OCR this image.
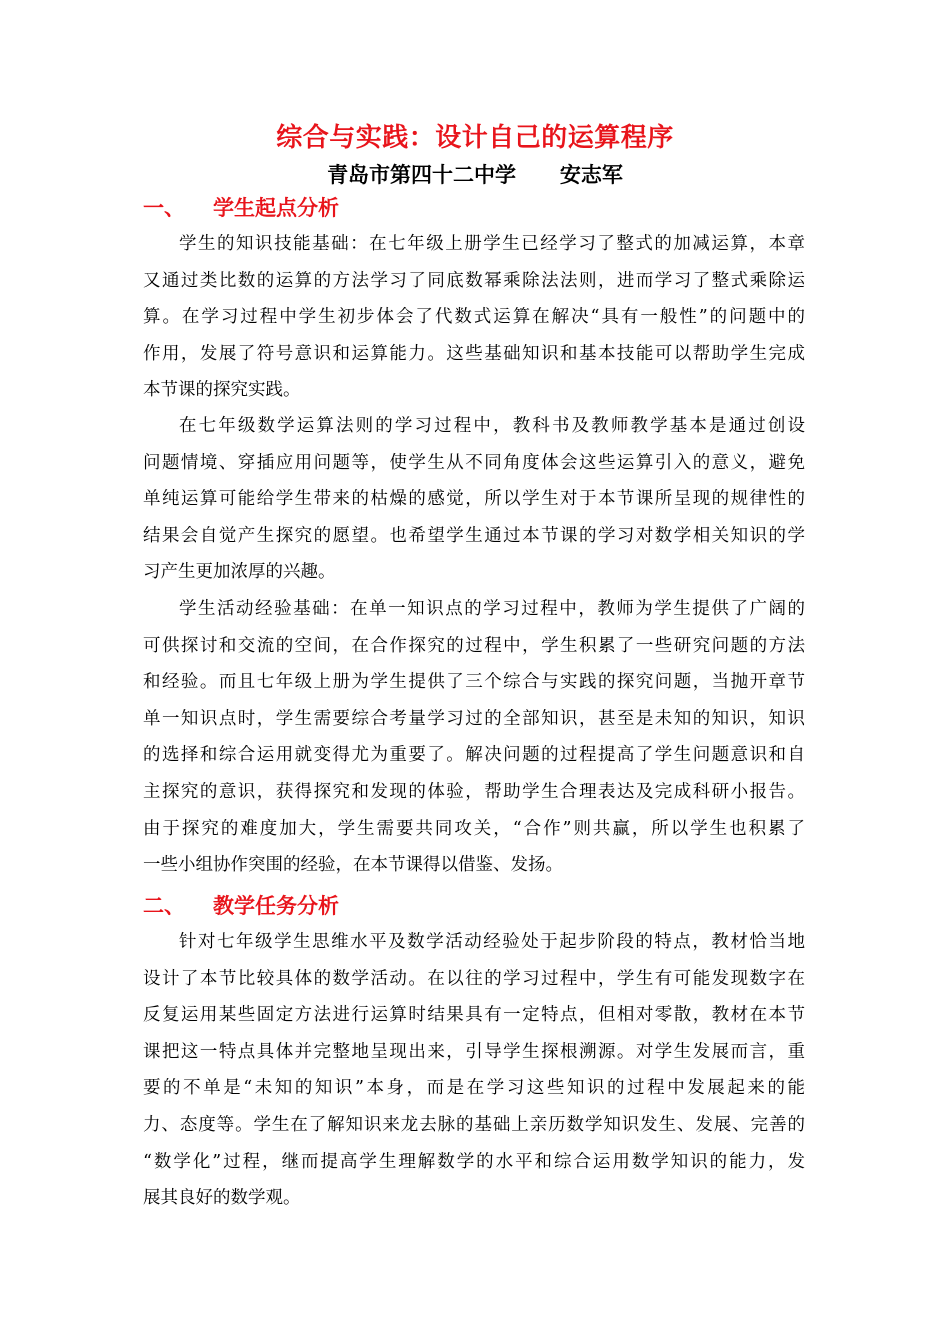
综合与实践：设计自己的运算程序
青岛市第四十二中学      安志军
一、 学生起点分析
学生的知识技能基础：在七年级上册学生已经学习了整式的加减运算，本章
又通过类比数的运算的方法学习了同底数幂乘除法法则，进而学习了整式乘除运
算。在学习过程中学生初步体会了代数式运算在解决“具有一般性”的问题中的
作用，发展了符号意识和运算能力。这些基础知识和基本技能可以帮助学生完成
本节课的探究实践。
在七年级数学运算法则的学习过程中，教科书及教师教学基本是通过创设
问题情境、穿插应用问题等，使学生从不同角度体会这些运算引入的意义，避免
单纯运算可能给学生带来的枯燥的感觉，所以学生对于本节课所呈现的规律性的
结果会自觉产生探究的愿望。也希望学生通过本节课的学习对数学相关知识的学
习产生更加浓厚的兴趣。
学生活动经验基础：在单一知识点的学习过程中，教师为学生提供了广阔的
可供探讨和交流的空间，在合作探究的过程中，学生积累了一些研究问题的方法
和经验。而且七年级上册为学生提供了三个综合与实践的探究问题，当抛开章节
单一知识点时，学生需要综合考量学习过的全部知识，甚至是未知的知识，知识
的选择和综合运用就变得尤为重要了。解决问题的过程提高了学生问题意识和自
主探究的意识，获得探究和发现的体验，帮助学生合理表达及完成科研小报告。
由于探究的难度加大，学生需要共同攻关，“合作”则共赢，所以学生也积累了
一些小组协作突围的经验，在本节课得以借鉴、发扬。
二、 教学任务分析
针对七年级学生思维水平及数学活动经验处于起步阶段的特点，教材恰当地
设计了本节比较具体的数学活动。在以往的学习过程中，学生有可能发现数字在
反复运用某些固定方法进行运算时结果具有一定特点，但相对零散，教材在本节
课把这一特点具体并完整地呈现出来，引导学生探根溯源。对学生发展而言，重
要的不单是“未知的知识”本身，而是在学习这些知识的过程中发展起来的能
力、态度等。学生在了解知识来龙去脉的基础上亲历数学知识发生、发展、完善的
“数学化”过程，继而提高学生理解数学的水平和综合运用数学知识的能力，发
展其良好的数学观。
